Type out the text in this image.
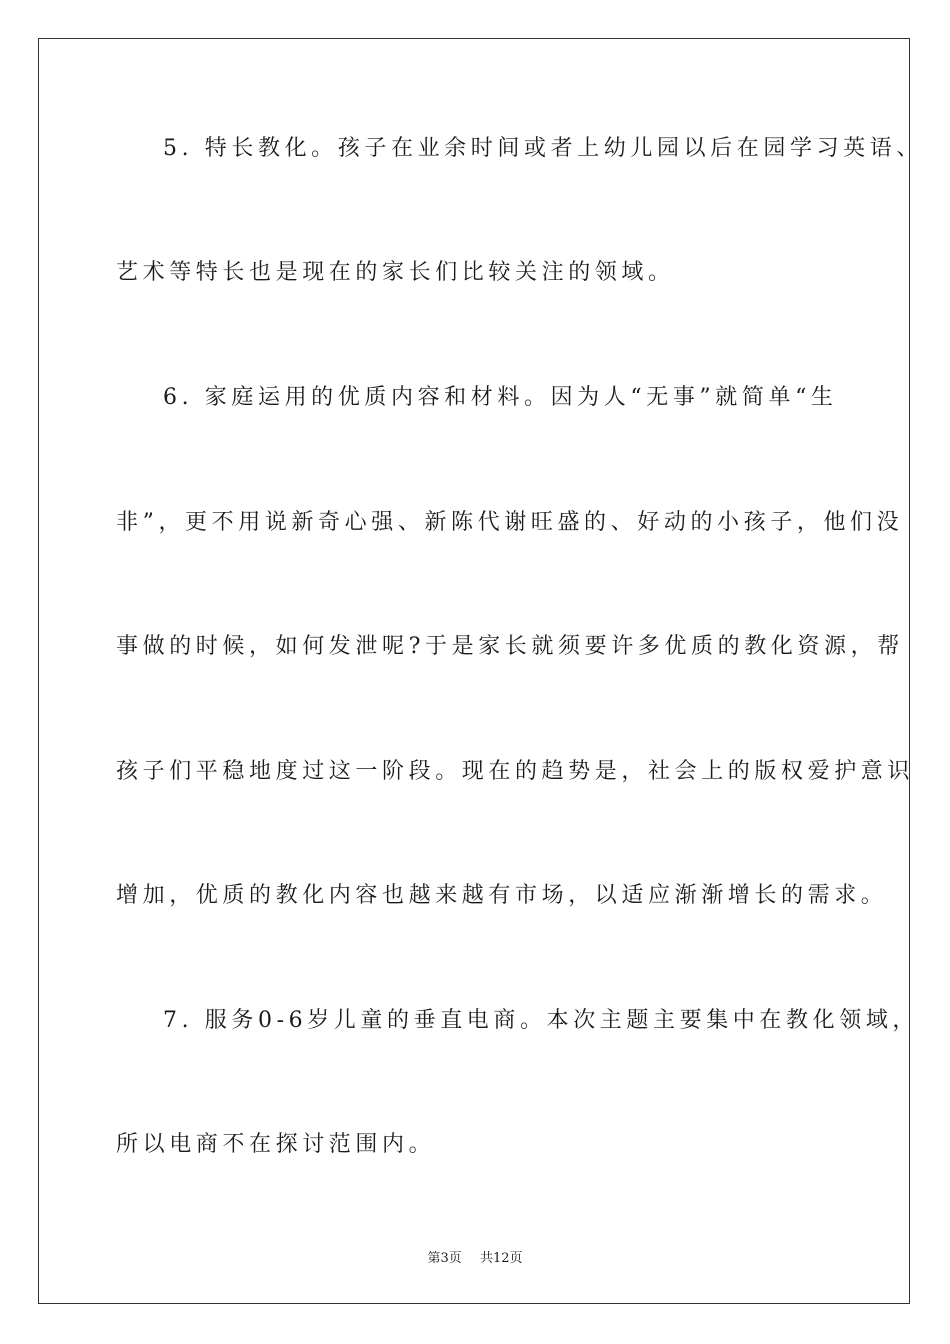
5. 特长教化。孩子在业余时间或者上幼儿园以后在园学习英语、
艺术等特长也是现在的家长们比较关注的领域。
6. 家庭运用的优质内容和材料。因为人“无事”就简单“生
非”，更不用说新奇心强、新陈代谢旺盛的、好动的小孩子，他们没
事做的时候，如何发泄呢?于是家长就须要许多优质的教化资源，帮
孩子们平稳地度过这一阶段。现在的趋势是，社会上的版权爱护意识
增加，优质的教化内容也越来越有市场，以适应渐渐增长的需求。
7. 服务0-6岁儿童的垂直电商。本次主题主要集中在教化领域，
所以电商不在探讨范围内。
第3页 共12页
